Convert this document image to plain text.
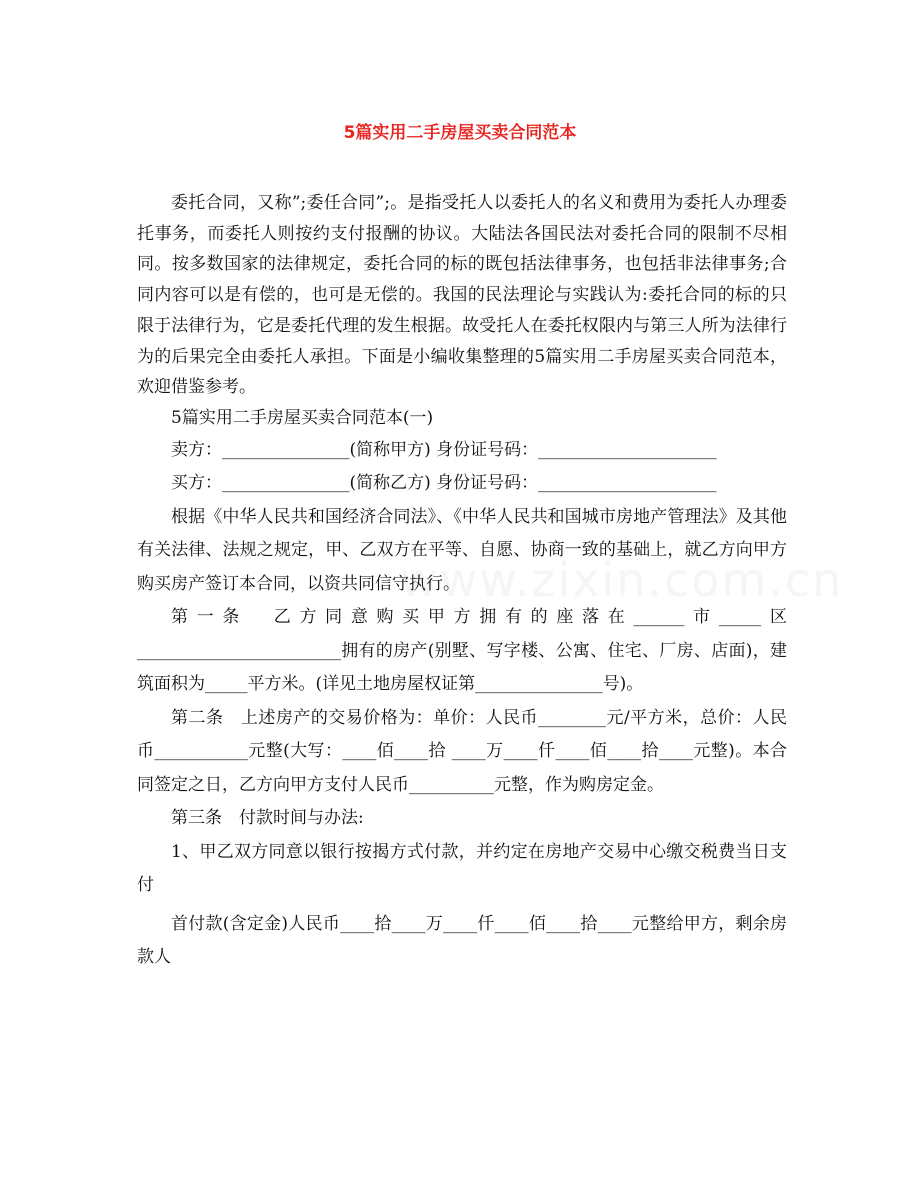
5篇实用二手房屋买卖合同范本
www.zixin.com.cn

委托合同，又称”;委任合同”;。是指受托人以委托人的名义和费用为委托人办理委托事务，而委托人则按约支付报酬的协议。大陆法各国民法对委托合同的限制不尽相同。按多数国家的法律规定，委托合同的标的既包括法律事务，也包括非法律事务;合同内容可以是有偿的，也可是无偿的。我国的民法理论与实践认为:委托合同的标的只限于法律行为，它是委托代理的发生根据。故受托人在委托权限内与第三人所为法律行为的后果完全由委托人承担。下面是小编收集整理的5篇实用二手房屋买卖合同范本，欢迎借鉴参考。

5篇实用二手房屋买卖合同范本(一)

卖方：_______________(简称甲方) 身份证号码：_____________________

买方：_______________(简称乙方) 身份证号码：_____________________

根据《中华人民共和国经济合同法》、《中华人民共和国城市房地产管理法》及其他有关法律、法规之规定，甲、乙双方在平等、自愿、协商一致的基础上，就乙方向甲方购买房产签订本合同，以资共同信守执行。

第一条　乙方同意购买甲方拥有的座落在______市_____区________________________拥有的房产(别墅、写字楼、公寓、住宅、厂房、店面)，建筑面积为_____平方米。(详见土地房屋权证第_______________号)。

第二条　上述房产的交易价格为：单价：人民币________元/平方米，总价：人民币___________元整(大写：____佰____拾 ____万____仟____佰____拾____元整)。本合同签定之日，乙方向甲方支付人民币__________元整，作为购房定金。

第三条　付款时间与办法:

1、甲乙双方同意以银行按揭方式付款，并约定在房地产交易中心缴交税费当日支付

首付款(含定金)人民币____拾____万____仟____佰____拾____元整给甲方，剩余房款人
